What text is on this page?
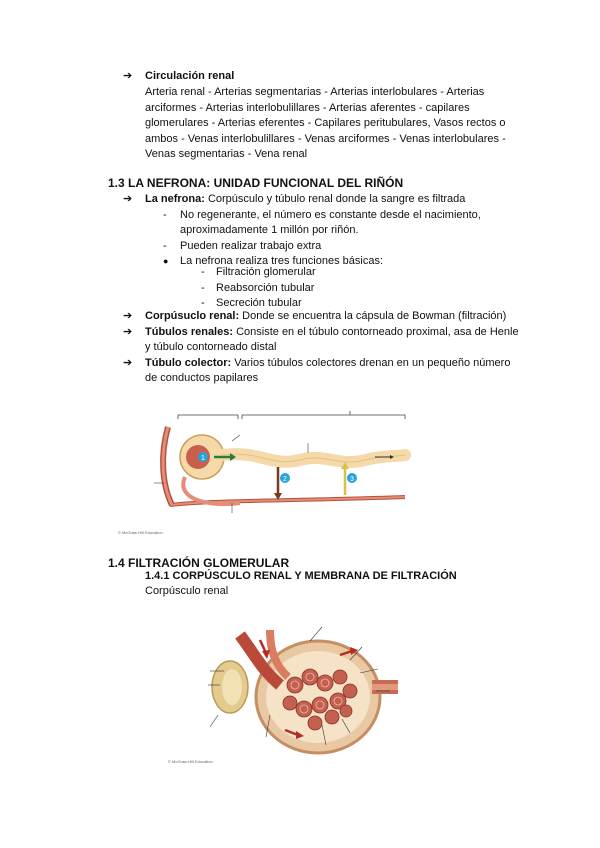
➔ Circulación renal
Arteria renal - Arterias segmentarias - Arterias interlobulares - Arterias
arciformes - Arterias interlobulillares - Arterias aferentes - capilares
glomerulares - Arterias eferentes - Capilares peritubulares, Vasos rectos o
ambos - Venas interlobulillares - Venas arciformes - Venas interlobulares -
Venas segmentarias - Vena renal
1.3 LA NEFRONA: UNIDAD FUNCIONAL DEL RIÑÓN
➔ La nefrona: Corpúsculo y túbulo renal donde la sangre es filtrada
- No regenerante, el número es constante desde el nacimiento,
aproximadamente 1 millón por riñón.
- Pueden realizar trabajo extra
● La nefrona realiza tres funciones básicas:
- Filtración glomerular
- Reabsorción tubular
- Secreción tubular
➔ Corpúsuclo renal: Donde se encuentra la cápsula de Bowman (filtración)
➔ Túbulos renales: Consiste en el túbulo contorneado proximal, asa de Henle
y túbulo contorneado distal
➔ Túbulo colector: Varios túbulos colectores drenan en un pequeño número
de conductos papilares
1
2	3
© McGraw-Hill Education
1.4 FILTRACIÓN GLOMERULAR
1.4.1 CORPÚSCULO RENAL Y MEMBRANA DE FILTRACIÓN
Corpúsculo renal
© McGraw-Hill Education
